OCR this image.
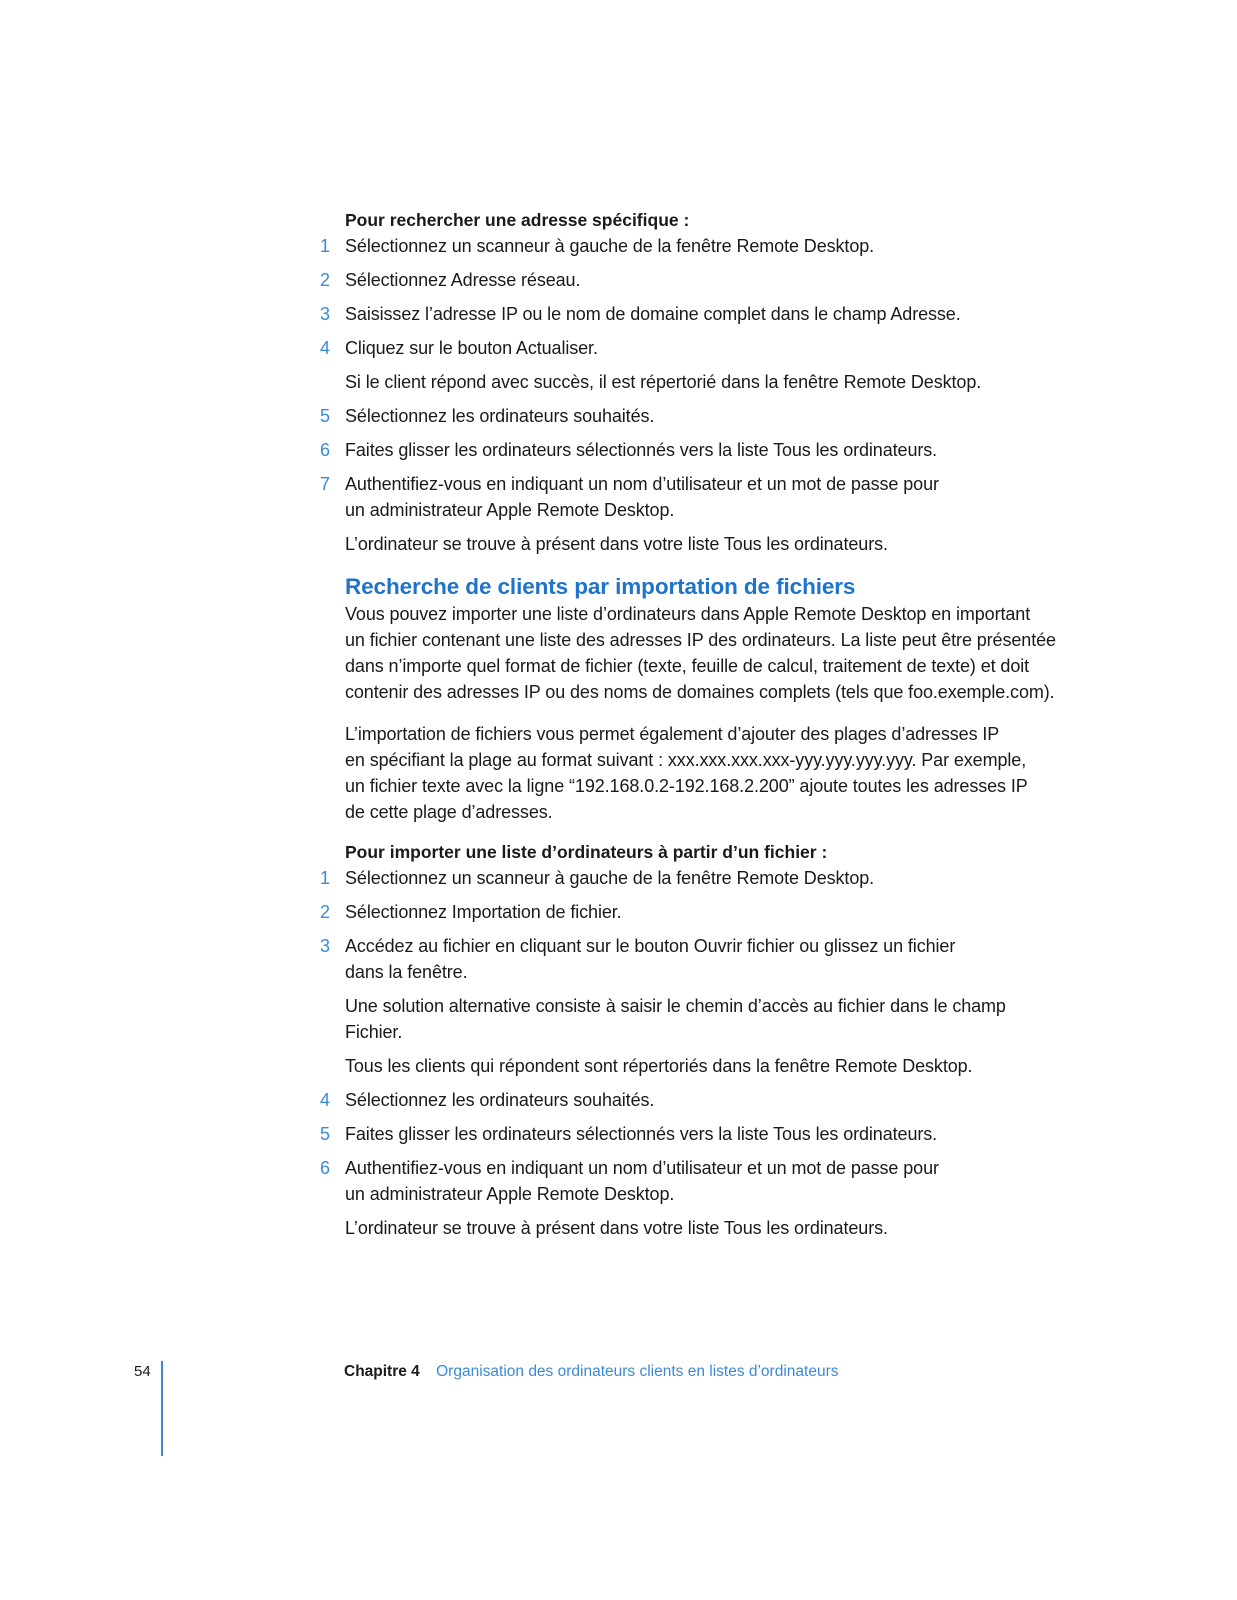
Pour rechercher une adresse spécifique :

1 Sélectionnez un scanneur à gauche de la fenêtre Remote Desktop.
2 Sélectionnez Adresse réseau.
3 Saisissez l’adresse IP ou le nom de domaine complet dans le champ Adresse.
4 Cliquez sur le bouton Actualiser.

Si le client répond avec succès, il est répertorié dans la fenêtre Remote Desktop.

5 Sélectionnez les ordinateurs souhaités.
6 Faites glisser les ordinateurs sélectionnés vers la liste Tous les ordinateurs.
7 Authentifiez-vous en indiquant un nom d’utilisateur et un mot de passe pour
un administrateur Apple Remote Desktop.

L’ordinateur se trouve à présent dans votre liste Tous les ordinateurs.

Recherche de clients par importation de fichiers

Vous pouvez importer une liste d’ordinateurs dans Apple Remote Desktop en important
un fichier contenant une liste des adresses IP des ordinateurs. La liste peut être présentée
dans n’importe quel format de fichier (texte, feuille de calcul, traitement de texte) et doit
contenir des adresses IP ou des noms de domaines complets (tels que foo.exemple.com).

L’importation de fichiers vous permet également d’ajouter des plages d’adresses IP
en spécifiant la plage au format suivant : xxx.xxx.xxx.xxx-yyy.yyy.yyy.yyy. Par exemple,
un fichier texte avec la ligne “192.168.0.2-192.168.2.200” ajoute toutes les adresses IP
de cette plage d’adresses.

Pour importer une liste d’ordinateurs à partir d’un fichier :

1 Sélectionnez un scanneur à gauche de la fenêtre Remote Desktop.
2 Sélectionnez Importation de fichier.
3 Accédez au fichier en cliquant sur le bouton Ouvrir fichier ou glissez un fichier
dans la fenêtre.

Une solution alternative consiste à saisir le chemin d’accès au fichier dans le champ Fichier.

Tous les clients qui répondent sont répertoriés dans la fenêtre Remote Desktop.

4 Sélectionnez les ordinateurs souhaités.
5 Faites glisser les ordinateurs sélectionnés vers la liste Tous les ordinateurs.
6 Authentifiez-vous en indiquant un nom d’utilisateur et un mot de passe pour
un administrateur Apple Remote Desktop.

L’ordinateur se trouve à présent dans votre liste Tous les ordinateurs.

54	Chapitre 4 Organisation des ordinateurs clients en listes d’ordinateurs
